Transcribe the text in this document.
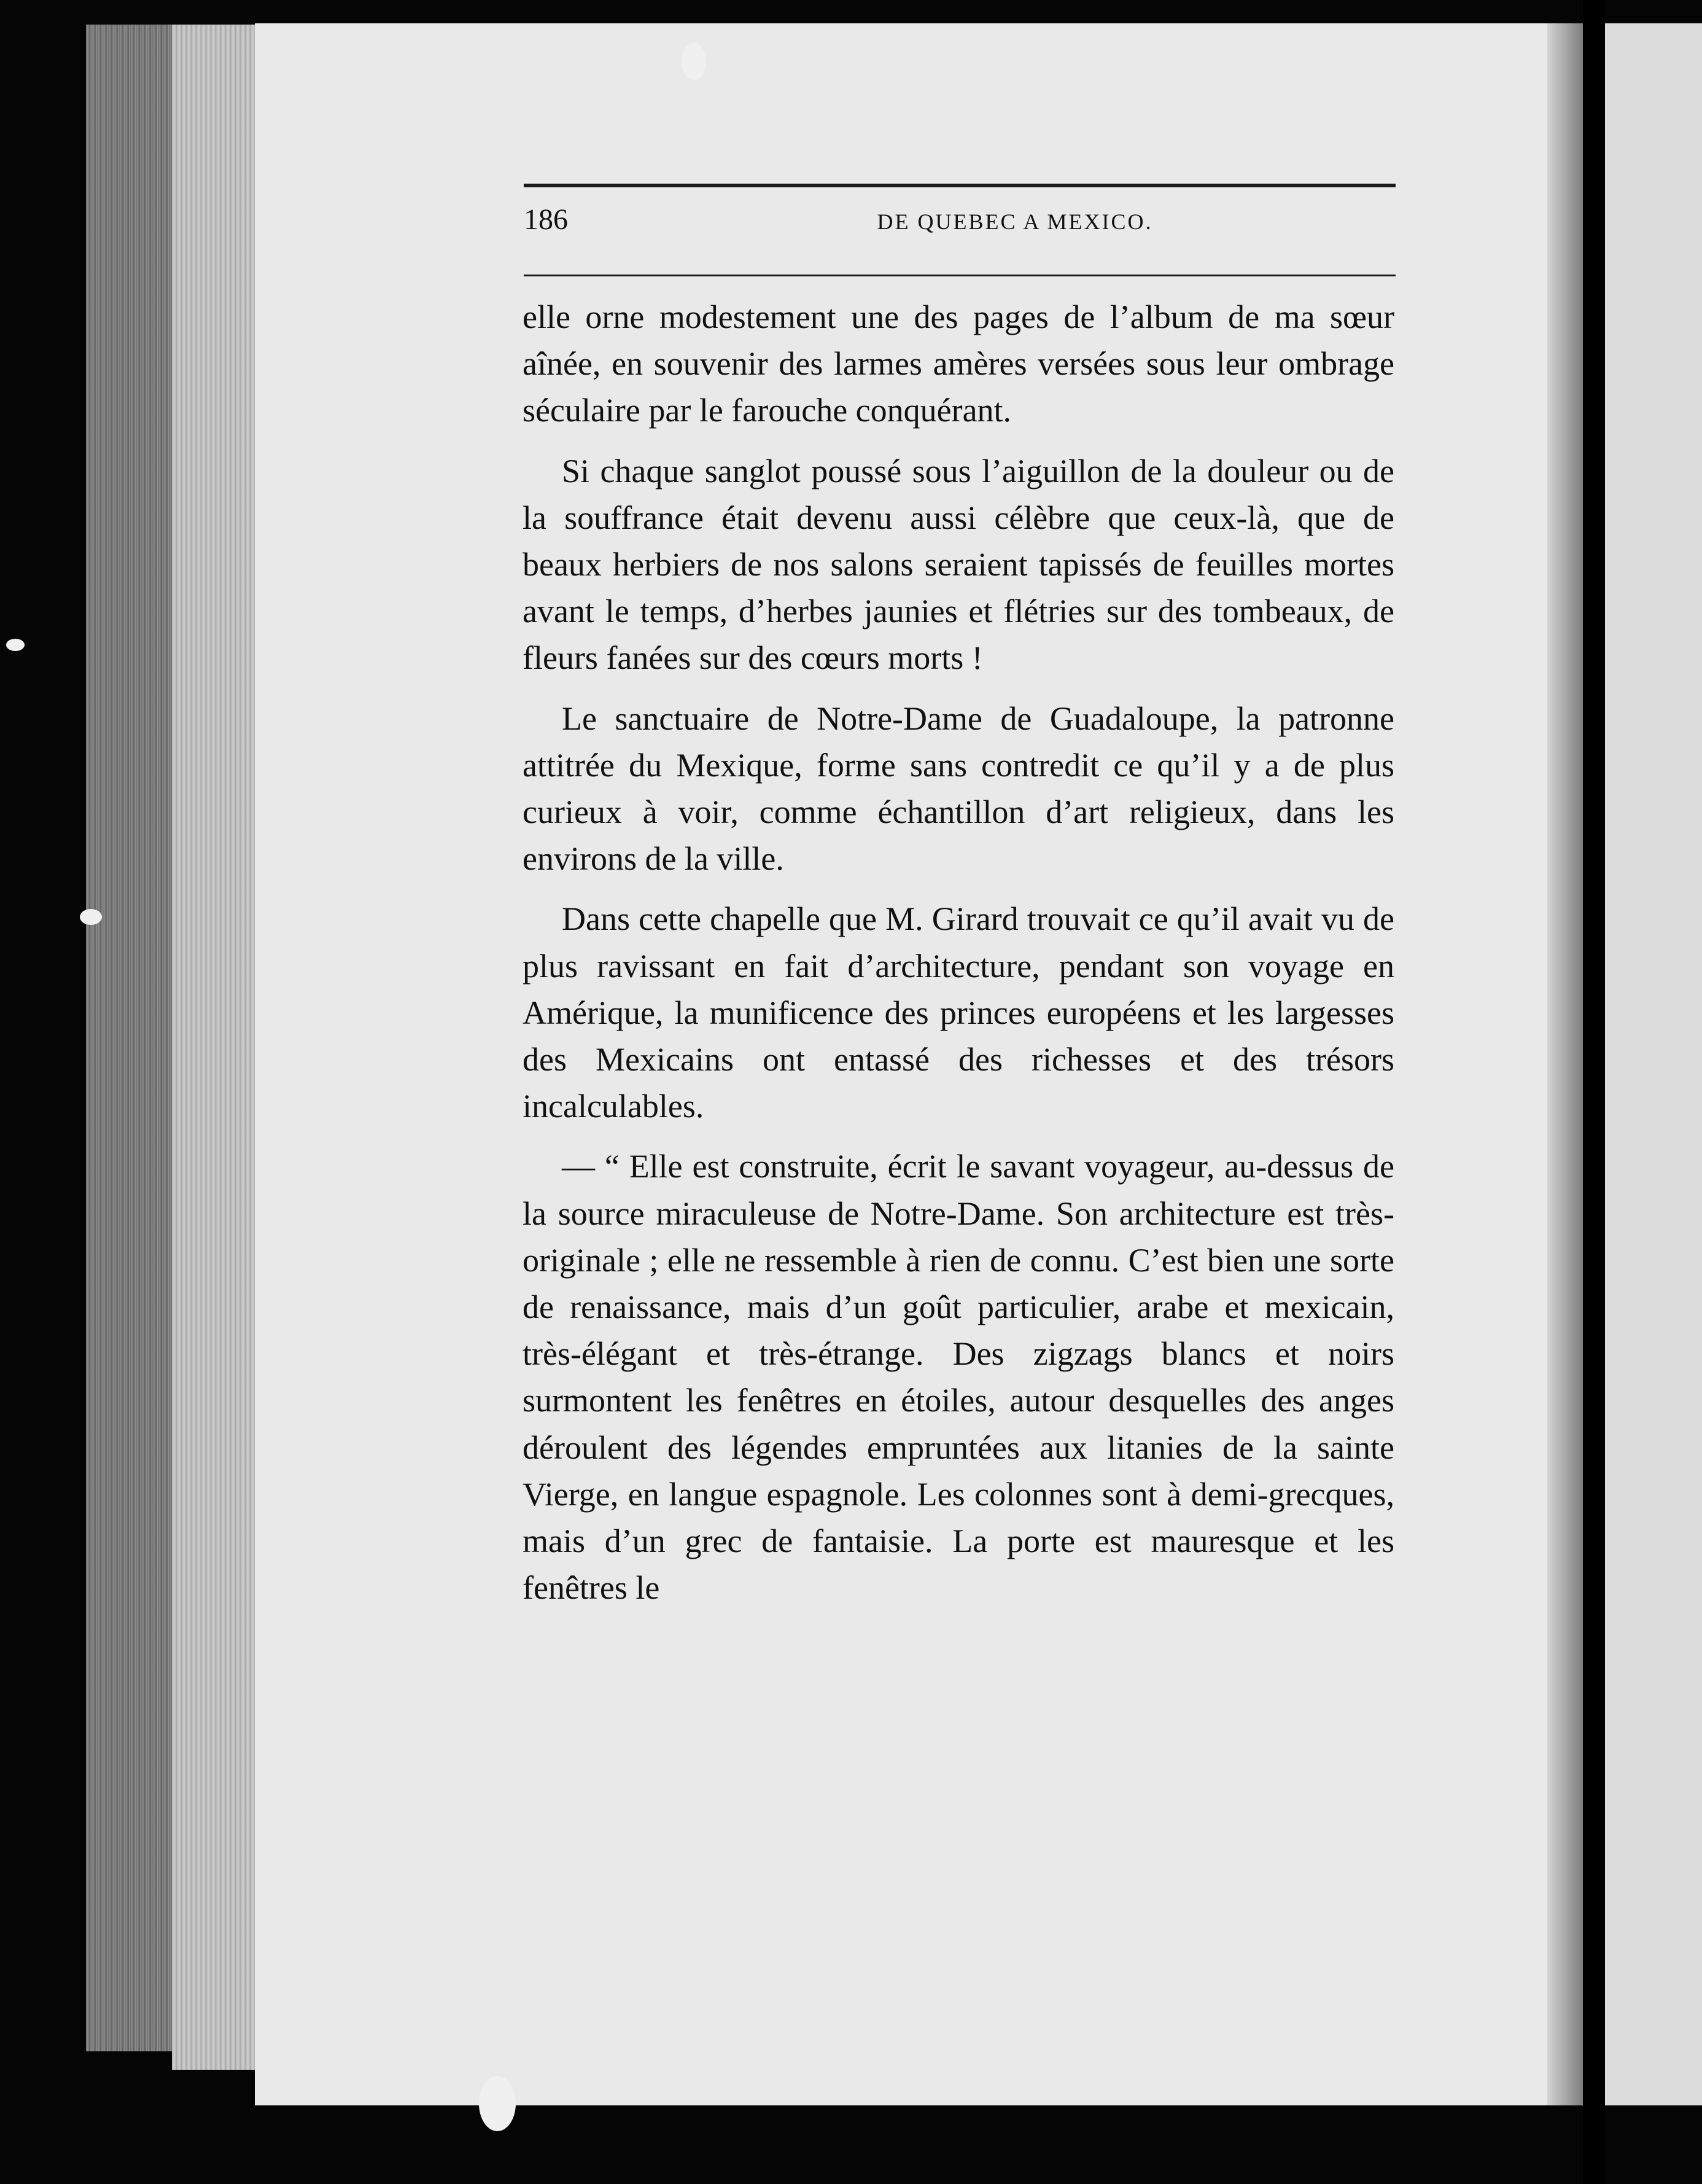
186	DE QUEBEC A MEXICO.

elle orne modestement une des pages de l’album de ma sœur aînée, en souvenir des larmes amères versées sous leur ombrage séculaire par le farouche conquérant.

Si chaque sanglot poussé sous l’aiguillon de la douleur ou de la souffrance était devenu aussi célèbre que ceux-là, que de beaux herbiers de nos salons seraient tapissés de feuilles mortes avant le temps, d’herbes jaunies et flétries sur des tombeaux, de fleurs fanées sur des cœurs morts !

Le sanctuaire de Notre-Dame de Guadaloupe, la patronne attitrée du Mexique, forme sans contredit ce qu’il y a de plus curieux à voir, comme échantillon d’art religieux, dans les environs de la ville.

Dans cette chapelle que M. Girard trouvait ce qu’il avait vu de plus ravissant en fait d’architecture, pendant son voyage en Amérique, la munificence des princes européens et les largesses des Mexicains ont entassé des richesses et des trésors incalculables.

— “ Elle est construite, écrit le savant voyageur, au-dessus de la source miraculeuse de Notre-Dame. Son architecture est très-originale ; elle ne ressemble à rien de connu. C’est bien une sorte de renaissance, mais d’un goût particulier, arabe et mexicain, très-élégant et très-étrange. Des zigzags blancs et noirs surmontent les fenêtres en étoiles, autour desquelles des anges déroulent des légendes empruntées aux litanies de la sainte Vierge, en langue espagnole. Les colonnes sont à demi-grecques, mais d’un grec de fantaisie. La porte est mauresque et les fenêtres le
